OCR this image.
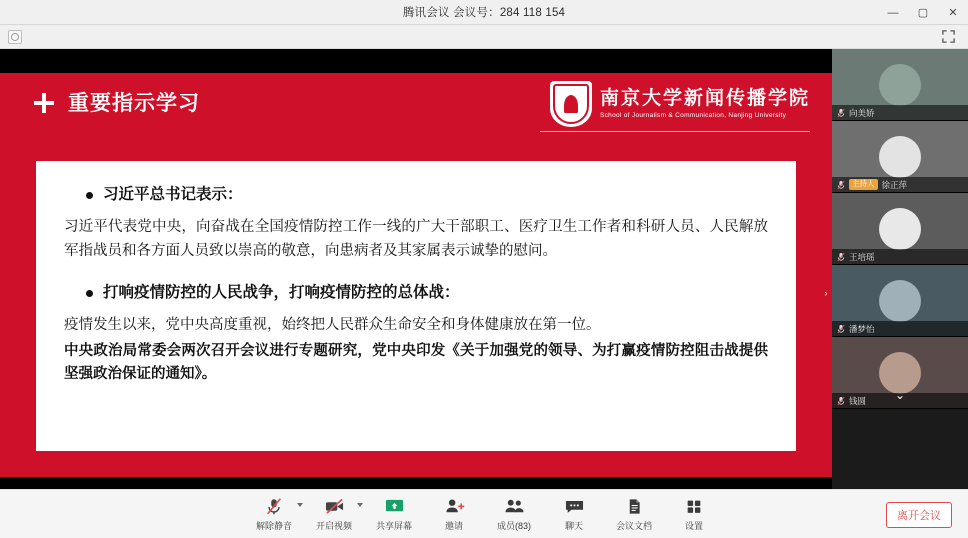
腾讯会议 会议号：284 118 154	—	▢	✕
重要指示学习	南京大学新闻传播学院
School of Journalism & Communication, Nanjing University
习近平总书记表示：
习近平代表党中央，向奋战在全国疫情防控工作一线的广大干部职工、医疗卫生工作者和科研人员、人民解放军指战员和各方面人员致以崇高的敬意，向患病者及其家属表示诚挚的慰问。
打响疫情防控的人民战争，打响疫情防控的总体战：
疫情发生以来，党中央高度重视，始终把人民群众生命安全和身体健康放在第一位。
中央政治局常委会两次召开会议进行专题研究，党中央印发《关于加强党的领导、为打赢疫情防控阻击战提供坚强政治保证的通知》。
›
向美娇
主持人 徐正萍
王培瑶
潘梦怡
钱圆 ⌄
解除静音	开启视频	共享屏幕	邀请	成员(83)	聊天	会议文档	设置
离开会议
